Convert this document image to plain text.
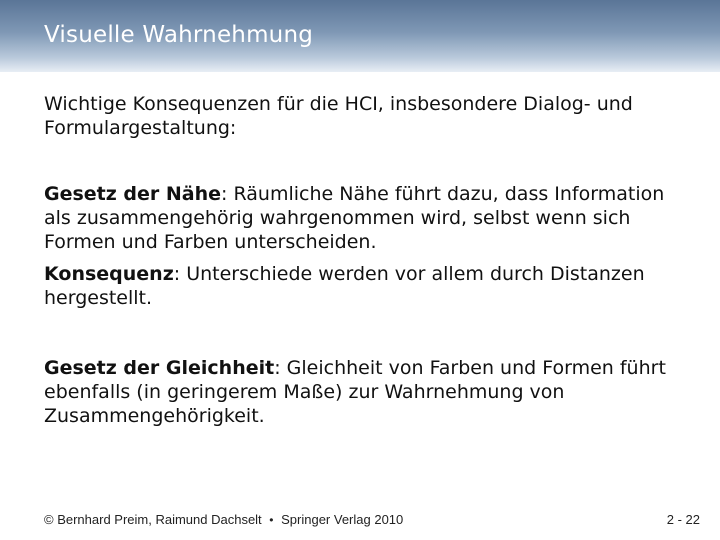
Visuelle Wahrnehmung

Wichtige Konsequenzen für die HCI, insbesondere Dialog- und Formulargestaltung:

Gesetz der Nähe: Räumliche Nähe führt dazu, dass Information als zusammengehörig wahrgenommen wird, selbst wenn sich Formen und Farben unterscheiden.

Konsequenz: Unterschiede werden vor allem durch Distanzen hergestellt.

Gesetz der Gleichheit: Gleichheit von Farben und Formen führt ebenfalls (in geringerem Maße) zur Wahrnehmung von Zusammengehörigkeit.

© Bernhard Preim, Raimund Dachselt • Springer Verlag 2010	2 - 22
